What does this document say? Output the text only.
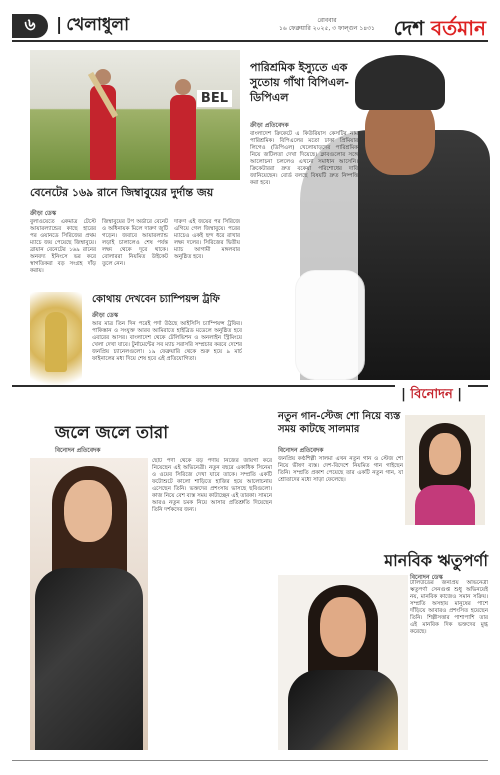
৬
|	খেলাধুলা	রোববার
১৬ ফেব্রুয়ারি ২০২৫, ৩ ফাল্গুন ১৪৩১ দেশ বর্তমান
BEL
বেনেটের ১৬৯ রানে জিম্বাবুয়ের দুর্দান্ত জয়
ক্রীড়া ডেস্ক

বুলাওয়েতে একমাত্র টেস্টে আয়ারল্যান্ডের কাছে হারের পর ওয়ানডে সিরিজের প্রথম ম্যাচে জয় পেয়েছে জিম্বাবুয়ে। ব্রায়ান বেনেটের ১৬৯ রানের অনবদ্য ইনিংসে ভর করে স্বাগতিকরা বড় সংগ্রহ দাঁড় করায়।

জিম্বাবুয়ের টপ অর্ডারে বেনেট ও অধিনায়ক মিলে দারুণ জুটি গড়েন। জবাবে আয়ারল্যান্ড লড়াই চালালেও শেষ পর্যন্ত লক্ষ্য থেকে দূরে থাকে। বোলাররা নিয়মিত উইকেট তুলে নেন।

দারুণ এই জয়ের পর সিরিজে এগিয়ে গেল জিম্বাবুয়ে। পরের ম্যাচেও একই ছন্দ ধরে রাখার লক্ষ্য দলের। সিরিজের দ্বিতীয় ম্যাচ আগামী মঙ্গলবার অনুষ্ঠিত হবে।

কোথায় দেখবেন চ্যাম্পিয়ন্স ট্রফি
ক্রীড়া ডেস্ক

আর মাত্র তিন দিন পরেই পর্দা উঠছে আইসিসি চ্যাম্পিয়ন্স ট্রফির। পাকিস্তান ও সংযুক্ত আরব আমিরাতে হাইব্রিড মডেলে অনুষ্ঠিত হবে এবারের আসর। বাংলাদেশ থেকে টেলিভিশন ও অনলাইন স্ট্রিমিংয়ে খেলা দেখা যাবে। টুর্নামেন্টের সব ম্যাচ সরাসরি সম্প্রচার করবে দেশের জনপ্রিয় চ্যানেলগুলো। ১৯ ফেব্রুয়ারি থেকে শুরু হয়ে ৯ মার্চ ফাইনালের মধ্য দিয়ে শেষ হবে এই প্রতিযোগিতা।

পারিশ্রমিক ইস্যুতে এক সুতোয় গাঁথা বিপিএল-ডিপিএল
ক্রীড়া প্রতিবেদক

বাংলাদেশ ক্রিকেটে এ কিউরিয়াস কেসটির নাম পারিশ্রমিক। বিপিএলের মতো ঢাকা প্রিমিয়ার লিগেও (ডিপিএল) খেলোয়াড়দের পারিশ্রমিক নিয়ে জটিলতা দেখা দিয়েছে। ক্লাবগুলোর সঙ্গে আলোচনা চললেও এখনো সমাধান আসেনি। ক্রিকেটাররা দ্রুত বকেয়া পরিশোধের দাবি জানিয়েছেন। বোর্ড বলছে বিষয়টি দ্রুত নিষ্পত্তি করা হবে।

| বিনোদন |
জলে জলে তারা
বিনোদন প্রতিবেদক

ছোট পর্দা থেকে বড় পর্দায় নিজের জায়গা করে নিয়েছেন এই অভিনেত্রী। নতুন বছরে একাধিক সিনেমা ও ওয়েব সিরিজে দেখা যাবে তাকে। সম্প্রতি একটি ফটোশুটে কালো শাড়িতে হাজির হয়ে আলোচনায় এসেছেন তিনি। ভক্তদের প্রশংসায় ভাসছে ছবিগুলো। কাজ নিয়ে বেশ ব্যস্ত সময় কাটাচ্ছেন এই তারকা। সামনে আরও নতুন চমক নিয়ে আসার প্রতিশ্রুতি দিয়েছেন তিনি দর্শকদের জন্য।

নতুন গান-স্টেজ শো নিয়ে ব্যস্ত সময় কাটছে সালমার
বিনোদন প্রতিবেদক

জনপ্রিয় কণ্ঠশিল্পী সালমা এখন নতুন গান ও স্টেজ শো নিয়ে ভীষণ ব্যস্ত। দেশ-বিদেশে নিয়মিত গান গাইছেন তিনি। সম্প্রতি প্রকাশ পেয়েছে তার একটি নতুন গান, যা শ্রোতাদের মধ্যে সাড়া ফেলেছে।

মানবিক ঋতুপর্ণা
বিনোদন ডেস্ক

টালিউডের জনপ্রিয় অভিনেত্রী ঋতুপর্ণা সেনগুপ্ত শুধু অভিনয়েই নয়, মানবিক কাজেও সমান সক্রিয়। সম্প্রতি অসহায় মানুষের পাশে দাঁড়িয়ে আবারও প্রশংসিত হয়েছেন তিনি। শিল্পীসত্তার পাশাপাশি তার এই মানবিক দিক ভক্তদের মুগ্ধ করেছে।
